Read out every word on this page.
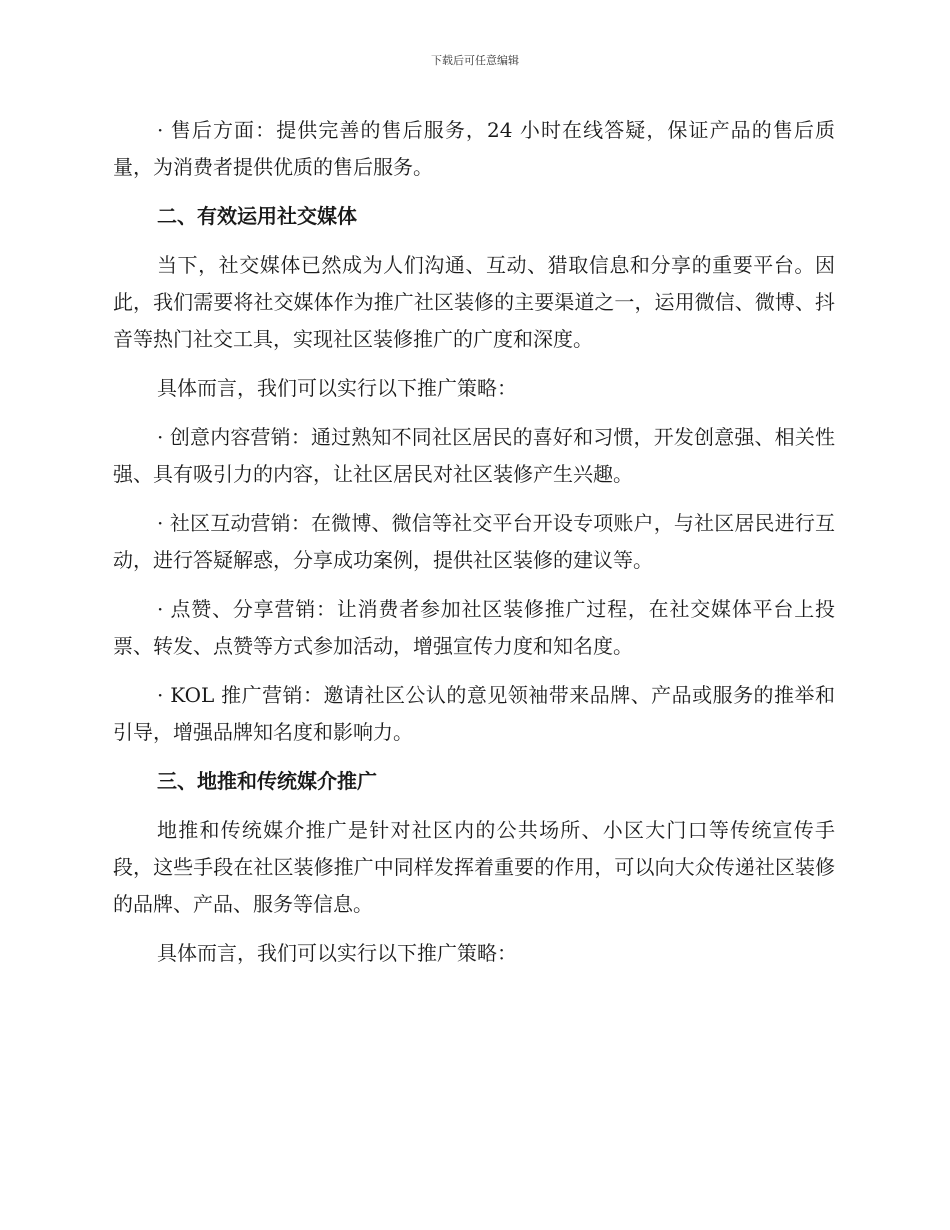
下载后可任意编辑

· 售后方面：提供完善的售后服务，24 小时在线答疑，保证产品的售后质量，为消费者提供优质的售后服务。

二、有效运用社交媒体

当下，社交媒体已然成为人们沟通、互动、猎取信息和分享的重要平台。因此，我们需要将社交媒体作为推广社区装修的主要渠道之一，运用微信、微博、抖音等热门社交工具，实现社区装修推广的广度和深度。

具体而言，我们可以实行以下推广策略：

· 创意内容营销：通过熟知不同社区居民的喜好和习惯，开发创意强、相关性强、具有吸引力的内容，让社区居民对社区装修产生兴趣。

· 社区互动营销：在微博、微信等社交平台开设专项账户，与社区居民进行互动，进行答疑解惑，分享成功案例，提供社区装修的建议等。

· 点赞、分享营销：让消费者参加社区装修推广过程，在社交媒体平台上投票、转发、点赞等方式参加活动，增强宣传力度和知名度。

· KOL 推广营销：邀请社区公认的意见领袖带来品牌、产品或服务的推举和引导，增强品牌知名度和影响力。

三、地推和传统媒介推广

地推和传统媒介推广是针对社区内的公共场所、小区大门口等传统宣传手段，这些手段在社区装修推广中同样发挥着重要的作用，可以向大众传递社区装修的品牌、产品、服务等信息。

具体而言，我们可以实行以下推广策略：
